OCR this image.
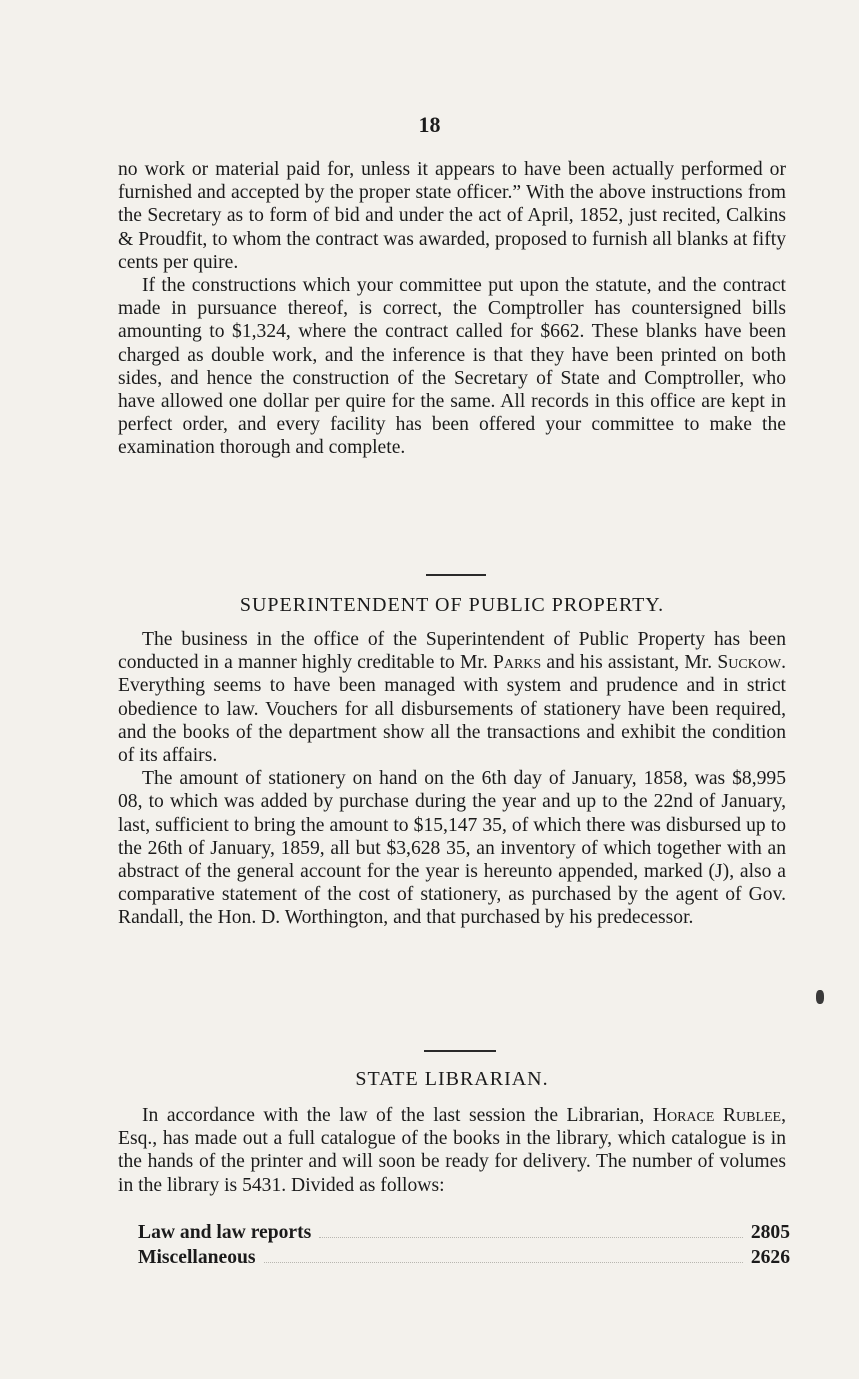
18

no work or material paid for, unless it appears to have been actually performed or furnished and accepted by the proper state officer.” With the above instructions from the Secretary as to form of bid and under the act of April, 1852, just recited, Calkins & Proudfit, to whom the contract was awarded, proposed to furnish all blanks at fifty cents per quire.

If the constructions which your committee put upon the statute, and the contract made in pursuance thereof, is correct, the Comptroller has countersigned bills amounting to $1,324, where the contract called for $662. These blanks have been charged as double work, and the inference is that they have been printed on both sides, and hence the construction of the Secretary of State and Comptroller, who have allowed one dollar per quire for the same. All records in this office are kept in perfect order, and every facility has been offered your committee to make the examination thorough and complete.

SUPERINTENDENT OF PUBLIC PROPERTY.

The business in the office of the Superintendent of Public Property has been conducted in a manner highly creditable to Mr. Parks and his assistant, Mr. Suckow. Everything seems to have been managed with system and prudence and in strict obedience to law. Vouchers for all disbursements of stationery have been required, and the books of the department show all the transactions and exhibit the condition of its affairs.

The amount of stationery on hand on the 6th day of January, 1858, was $8,995 08, to which was added by purchase during the year and up to the 22nd of January, last, sufficient to bring the amount to $15,147 35, of which there was disbursed up to the 26th of January, 1859, all but $3,628 35, an inventory of which together with an abstract of the general account for the year is hereunto appended, marked (J), also a comparative statement of the cost of stationery, as purchased by the agent of Gov. Randall, the Hon. D. Worthington, and that purchased by his predecessor.

STATE LIBRARIAN.

In accordance with the law of the last session the Librarian, Horace Rublee, Esq., has made out a full catalogue of the books in the library, which catalogue is in the hands of the printer and will soon be ready for delivery. The number of volumes in the library is 5431. Divided as follows:

Law and law reports	2805
Miscellaneous	2626
